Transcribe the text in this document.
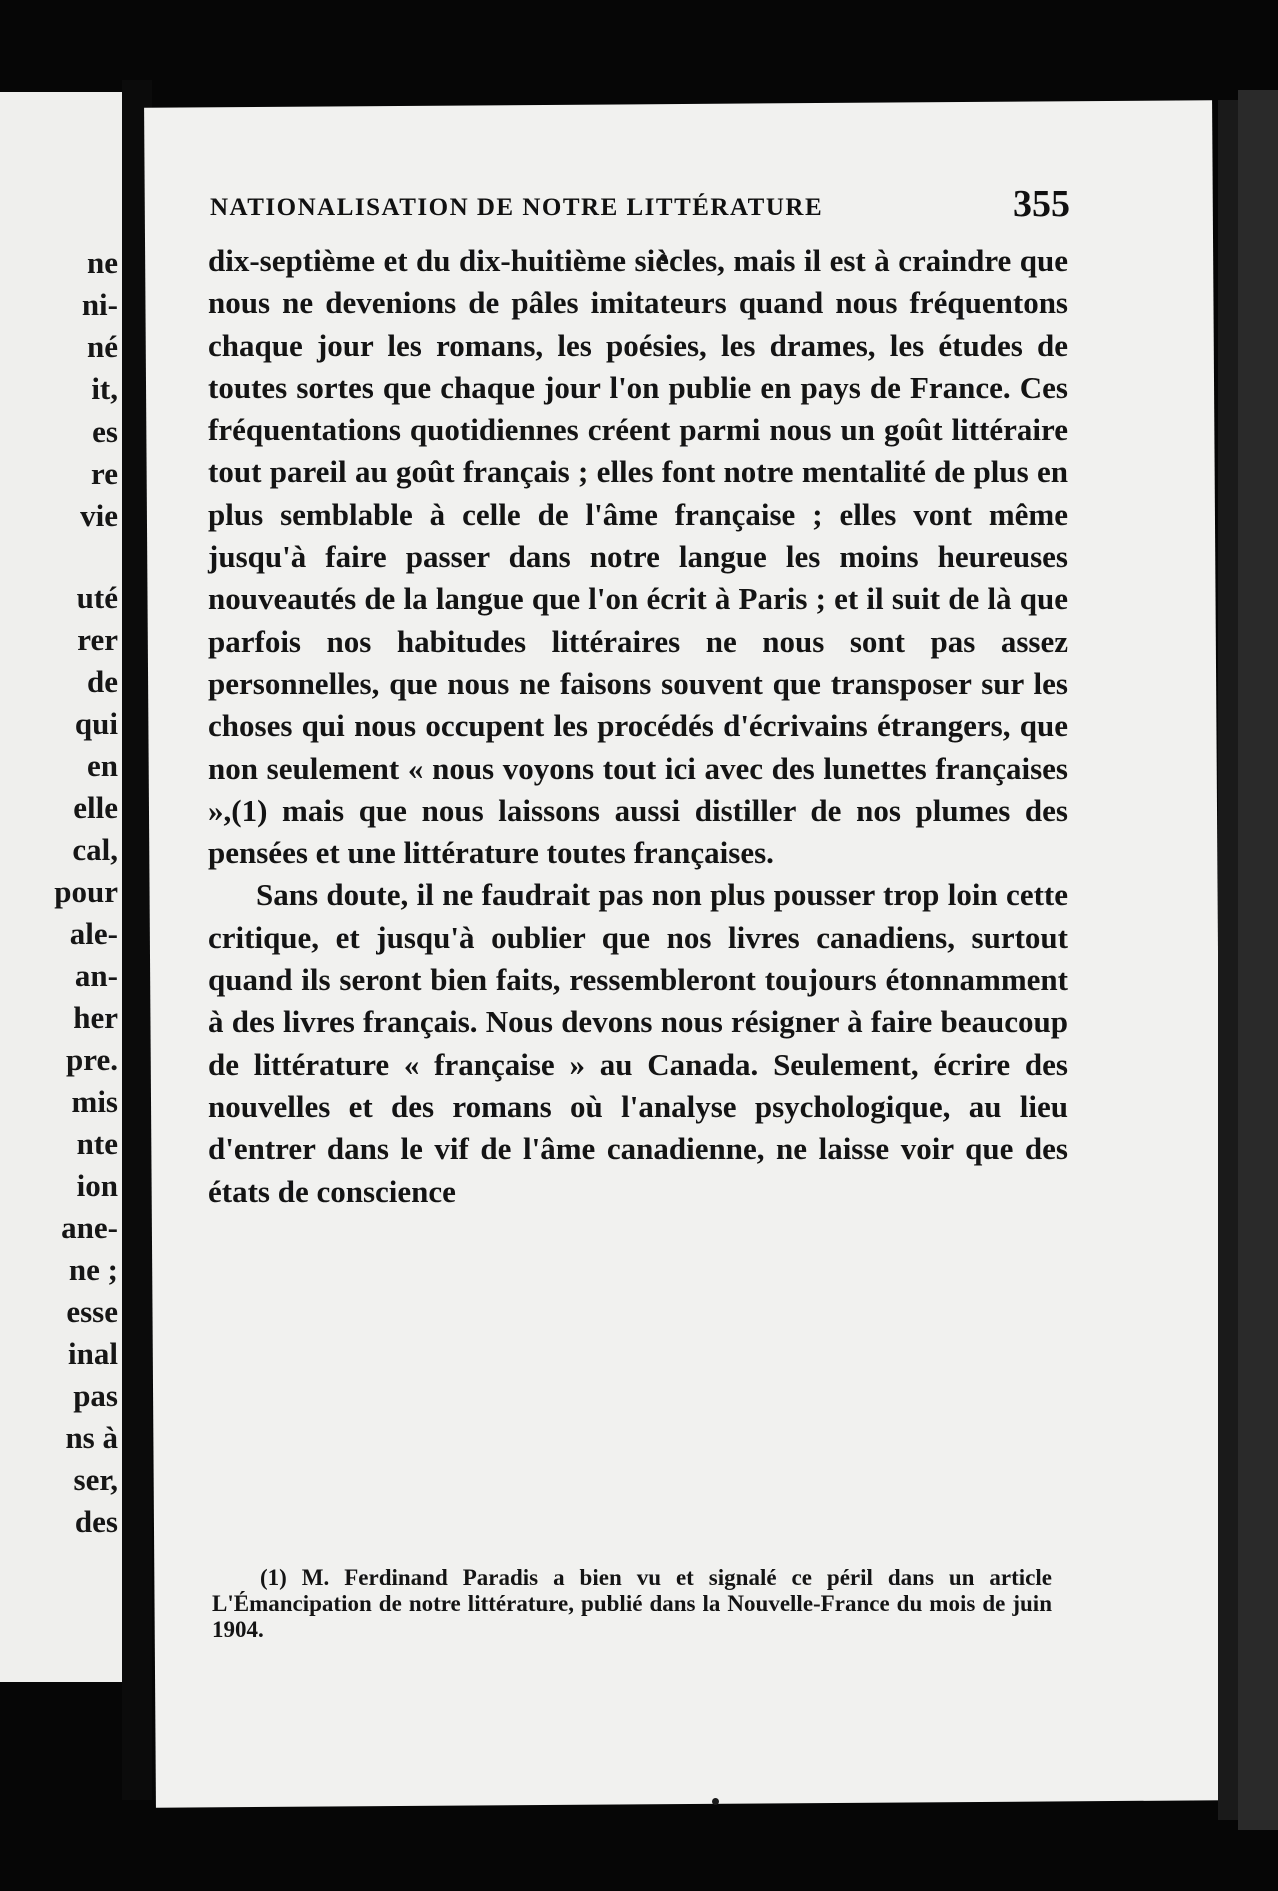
ne

ni-

né

it,

es

re

vie

uté

rer

de

qui

en

elle

cal,

pour

ale-

an-

her

pre.

mis

nte

ion

ane-

ne ;

esse

inal

pas

ns à

ser,

des

NATIONALISATION DE NOTRE LITTÉRATURE	355

dix-septième et du dix-huitième siècles, mais il est à craindre que nous ne devenions de pâles imitateurs quand nous fréquentons chaque jour les romans, les poésies, les drames, les études de toutes sortes que chaque jour l'on publie en pays de France. Ces fréquentations quotidiennes créent parmi nous un goût littéraire tout pareil au goût français ; elles font notre mentalité de plus en plus semblable à celle de l'âme française ; elles vont même jusqu'à faire passer dans notre langue les moins heureuses nouveautés de la langue que l'on écrit à Paris ; et il suit de là que parfois nos habitudes littéraires ne nous sont pas assez personnelles, que nous ne faisons souvent que transposer sur les choses qui nous occupent les procédés d'écrivains étrangers, que non seulement « nous voyons tout ici avec des lunettes françaises »,(1) mais que nous laissons aussi distiller de nos plumes des pensées et une littérature toutes françaises.

Sans doute, il ne faudrait pas non plus pousser trop loin cette critique, et jusqu'à oublier que nos livres canadiens, surtout quand ils seront bien faits, ressembleront toujours étonnamment à des livres français. Nous devons nous résigner à faire beaucoup de littérature « française » au Canada. Seulement, écrire des nouvelles et des romans où l'analyse psychologique, au lieu d'entrer dans le vif de l'âme canadienne, ne laisse voir que des états de conscience

(1) M. Ferdinand Paradis a bien vu et signalé ce péril dans un article L'Émancipation de notre littérature, publié dans la Nouvelle-France du mois de juin 1904.
